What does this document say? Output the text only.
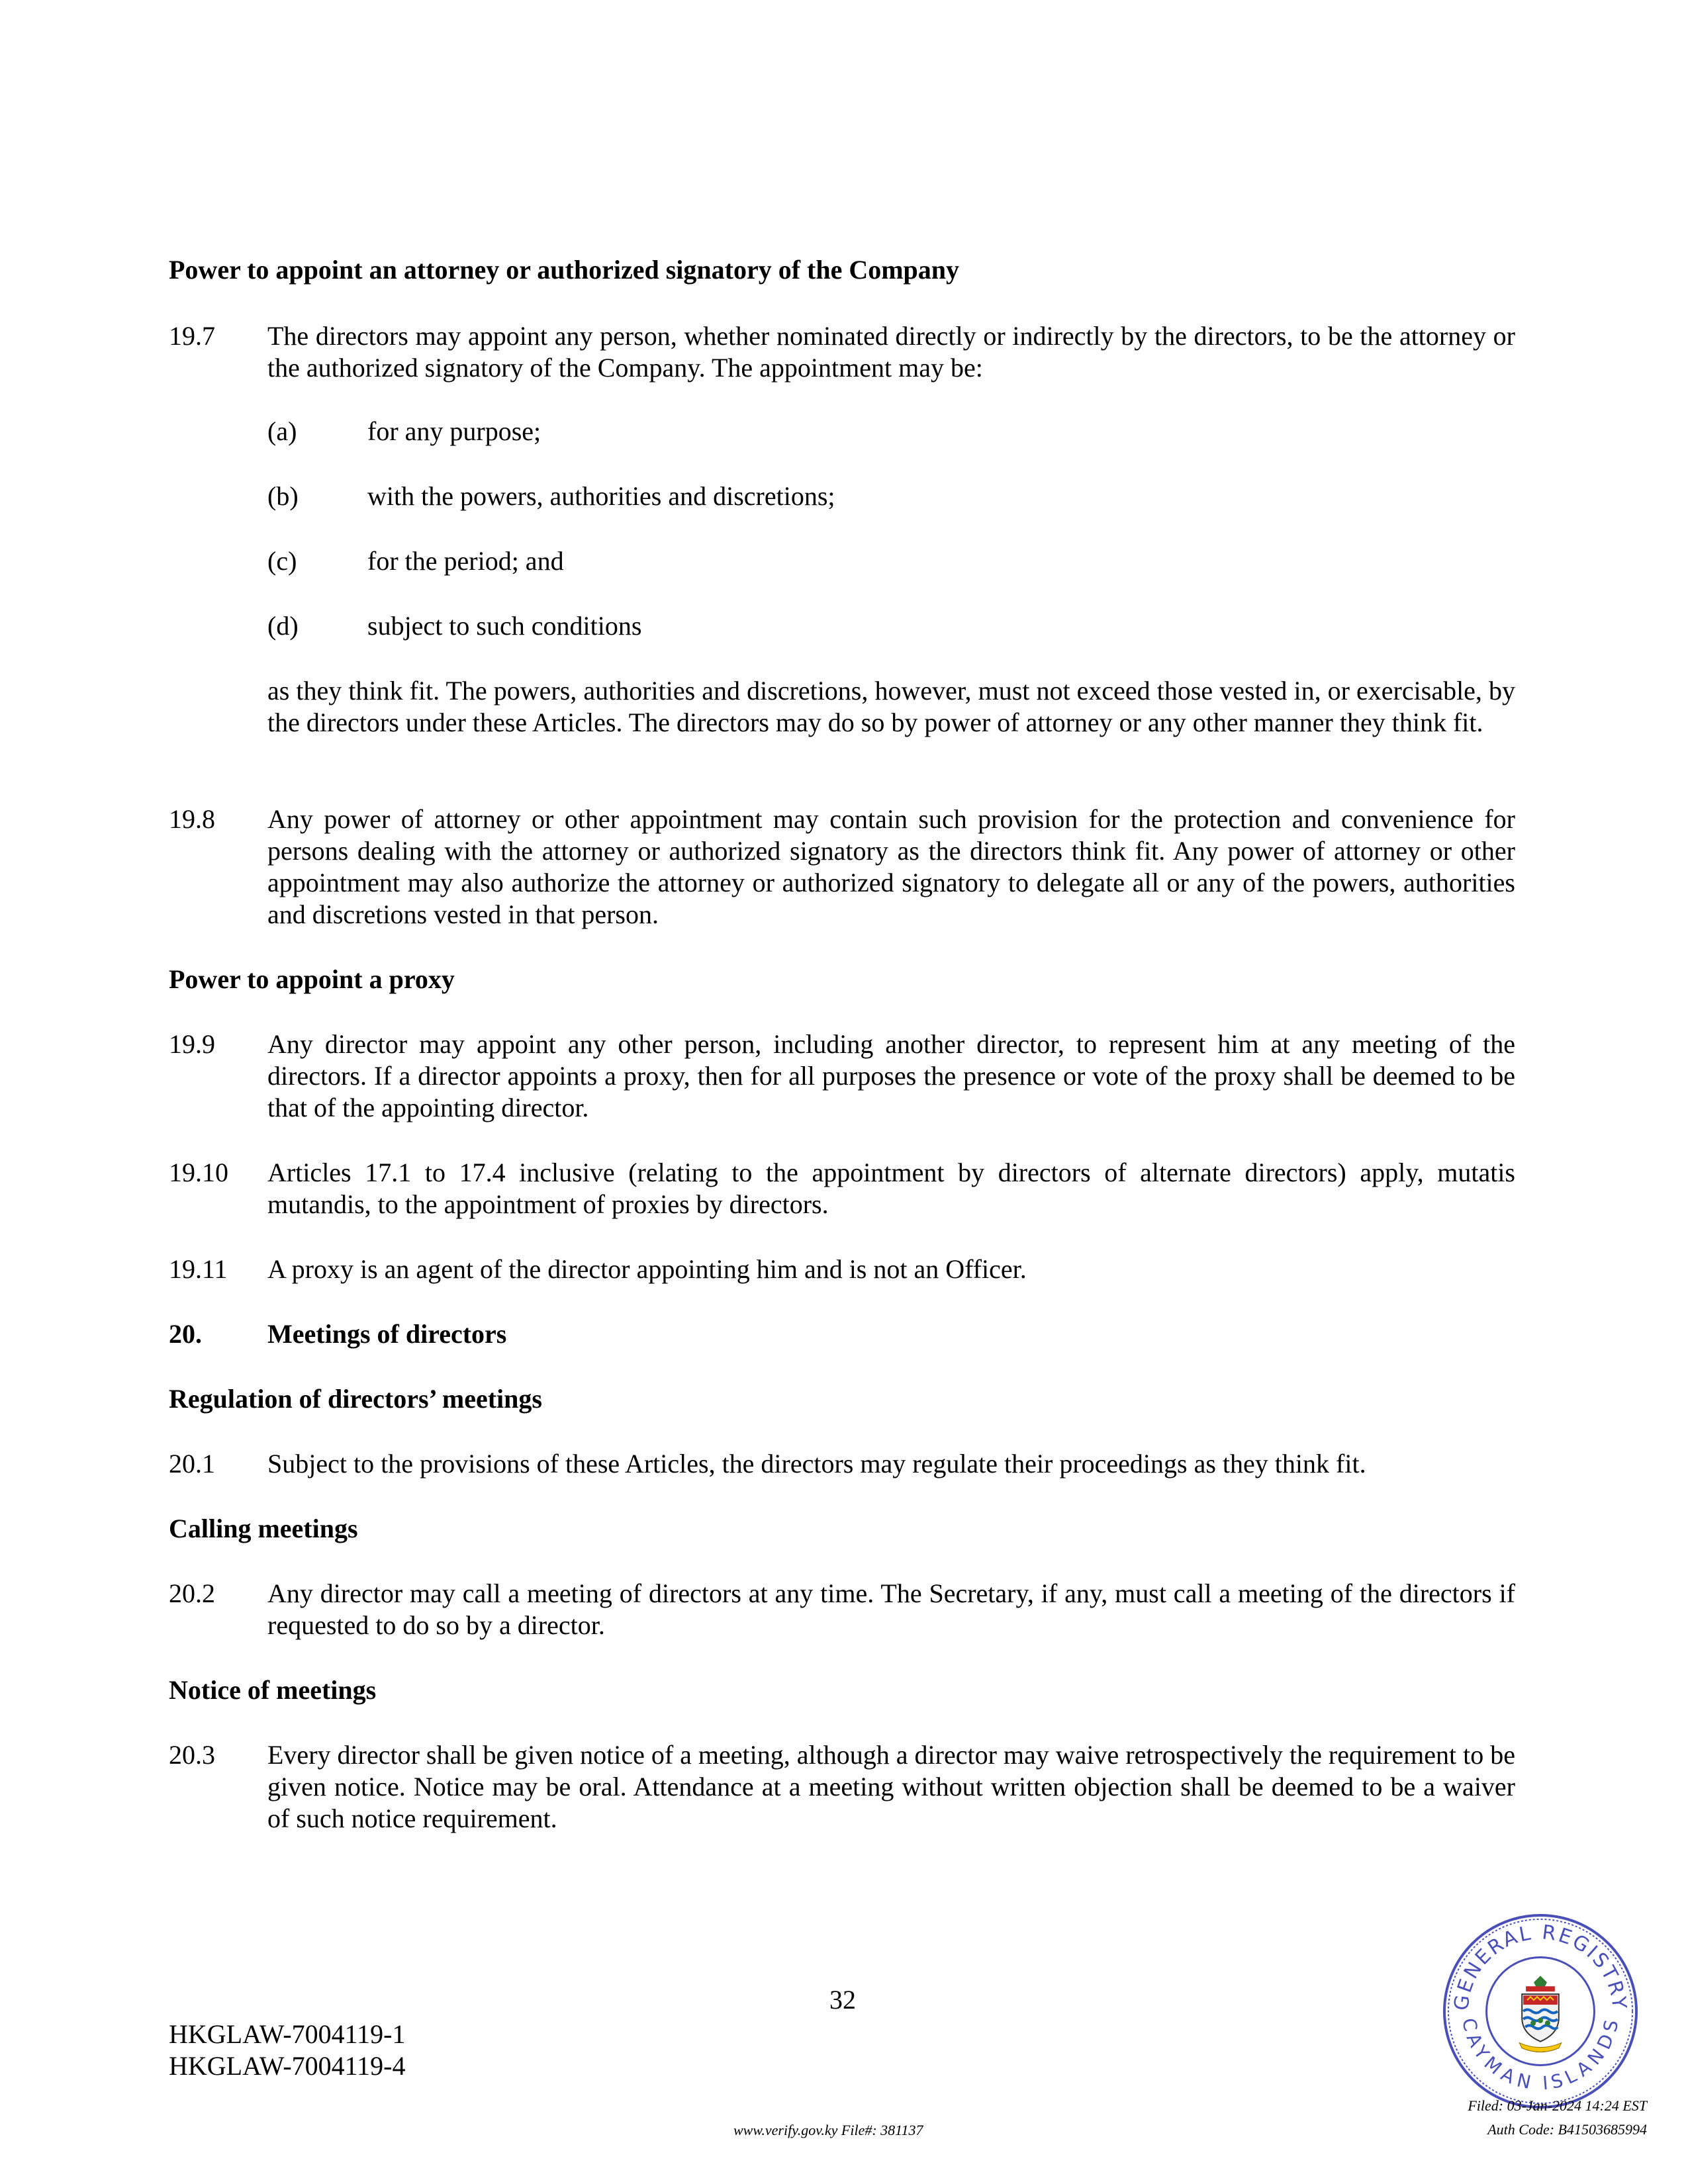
Power to appoint an attorney or authorized signatory of the Company
19.7 The directors may appoint any person, whether nominated directly or indirectly by the directors, to be the attorney or the authorized signatory of the Company. The appointment may be:
(a)	for any purpose;
(b)	with the powers, authorities and discretions;
(c)	for the period; and
(d)	subject to such conditions
as they think fit. The powers, authorities and discretions, however, must not exceed those vested in, or exercisable, by the directors under these Articles. The directors may do so by power of attorney or any other manner they think fit.
19.8 Any power of attorney or other appointment may contain such provision for the protection and convenience for persons dealing with the attorney or authorized signatory as the directors think fit. Any power of attorney or other appointment may also authorize the attorney or authorized signatory to delegate all or any of the powers, authorities and discretions vested in that person.
Power to appoint a proxy
19.9 Any director may appoint any other person, including another director, to represent him at any meeting of the directors. If a director appoints a proxy, then for all purposes the presence or vote of the proxy shall be deemed to be that of the appointing director.
19.10 Articles 17.1 to 17.4 inclusive (relating to the appointment by directors of alternate directors) apply, mutatis mutandis, to the appointment of proxies by directors.
19.11 A proxy is an agent of the director appointing him and is not an Officer.
20. Meetings of directors
Regulation of directors’ meetings
20.1 Subject to the provisions of these Articles, the directors may regulate their proceedings as they think fit.
Calling meetings
20.2 Any director may call a meeting of directors at any time. The Secretary, if any, must call a meeting of the directors if requested to do so by a director.
Notice of meetings
20.3 Every director shall be given notice of a meeting, although a director may waive retrospectively the requirement to be given notice. Notice may be oral. Attendance at a meeting without written objection shall be deemed to be a waiver of such notice requirement.
32
HKGLAW-7004119-1
HKGLAW-7004119-4
GENERAL REGISTRY
CAYMAN ISLANDS
www.verify.gov.ky File#: 381137
Filed: 03-Jan-2024 14:24 EST
Auth Code: B41503685994
